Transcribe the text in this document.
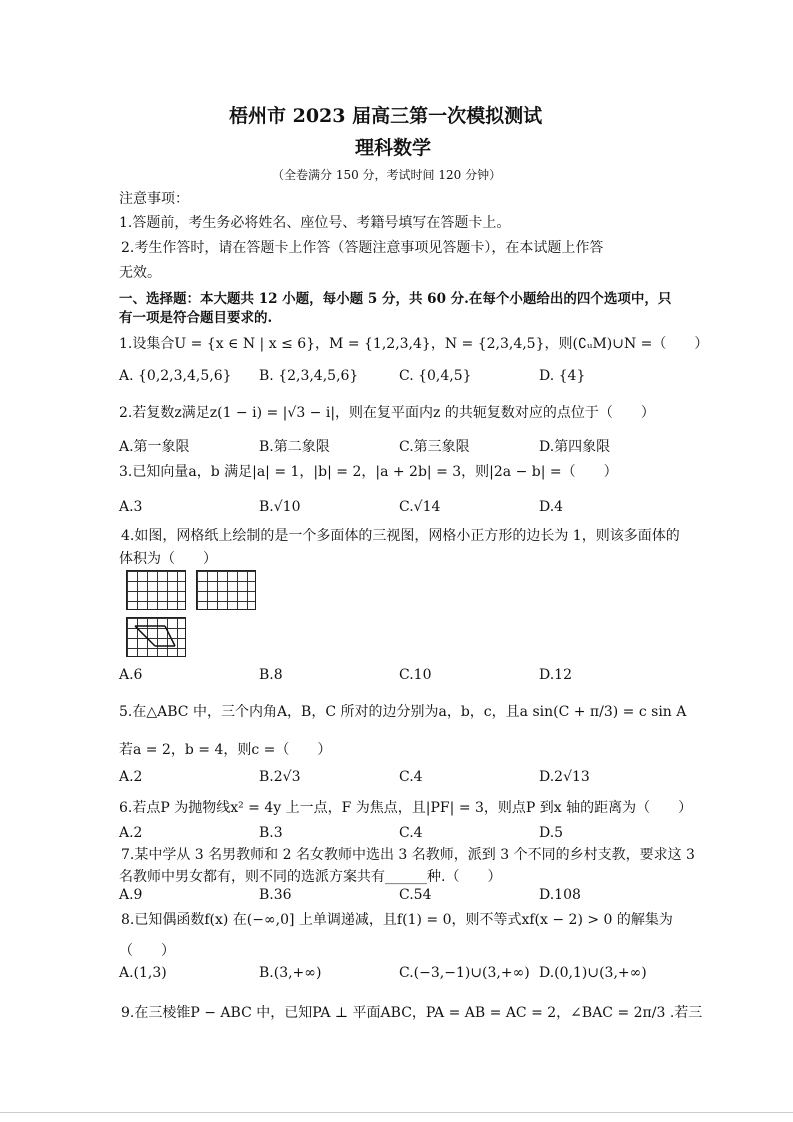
梧州市 2023 届高三第一次模拟测试
理科数学
（全卷满分 150 分，考试时间 120 分钟）
注意事项：
1.答题前，考生务必将姓名、座位号、考籍号填写在答题卡上。
2.考生作答时，请在答题卡上作答（答题注意事项见答题卡），在本试题上作答
无效。
一、选择题：本大题共 12 小题，每小题 5 分，共 60 分.在每个小题给出的四个选项中，只
有一项是符合题目要求的.
1.设集合U = {x ∈ N | x ≤ 6}，M = {1,2,3,4}，N = {2,3,4,5}，则(∁ᵤM)∪N =（　　）
A. {0,2,3,4,5,6} B. {2,3,4,5,6}	C. {0,4,5}	D. {4}
2.若复数z满足z(1 − i) = |√3 − i|，则在复平面内z 的共轭复数对应的点位于（　　）
A.第一象限	B.第二象限	C.第三象限	D.第四象限
3.已知向量a，b 满足|a| = 1，|b| = 2，|a + 2b| = 3，则|2a − b| =（　　）
A.3	B.√10	C.√14	D.4
4.如图，网格纸上绘制的是一个多面体的三视图，网格小正方形的边长为 1，则该多面体的
体积为（　　）
A.6	B.8	C.10	D.12
5.在△ABC 中，三个内角A，B，C 所对的边分别为a，b，c，且a sin(C + π/3) = c sin A
若a = 2，b = 4，则c =（　　）
A.2	B.2√3	C.4	D.2√13
6.若点P 为抛物线x² = 4y 上一点，F 为焦点，且|PF| = 3，则点P 到x 轴的距离为（　　）
A.2	B.3	C.4	D.5
7.某中学从 3 名男教师和 2 名女教师中选出 3 名教师，派到 3 个不同的乡村支教，要求这 3
名教师中男女都有，则不同的选派方案共有______种.（　　）
A.9	B.36	C.54	D.108
8.已知偶函数f(x) 在(−∞,0] 上单调递减，且f(1) = 0，则不等式xf(x − 2) > 0 的解集为
（　　）
A.(1,3)	B.(3,+∞)	C.(−3,−1)∪(3,+∞) D.(0,1)∪(3,+∞)
9.在三棱锥P − ABC 中，已知PA ⊥ 平面ABC，PA = AB = AC = 2，∠BAC = 2π/3 .若三
